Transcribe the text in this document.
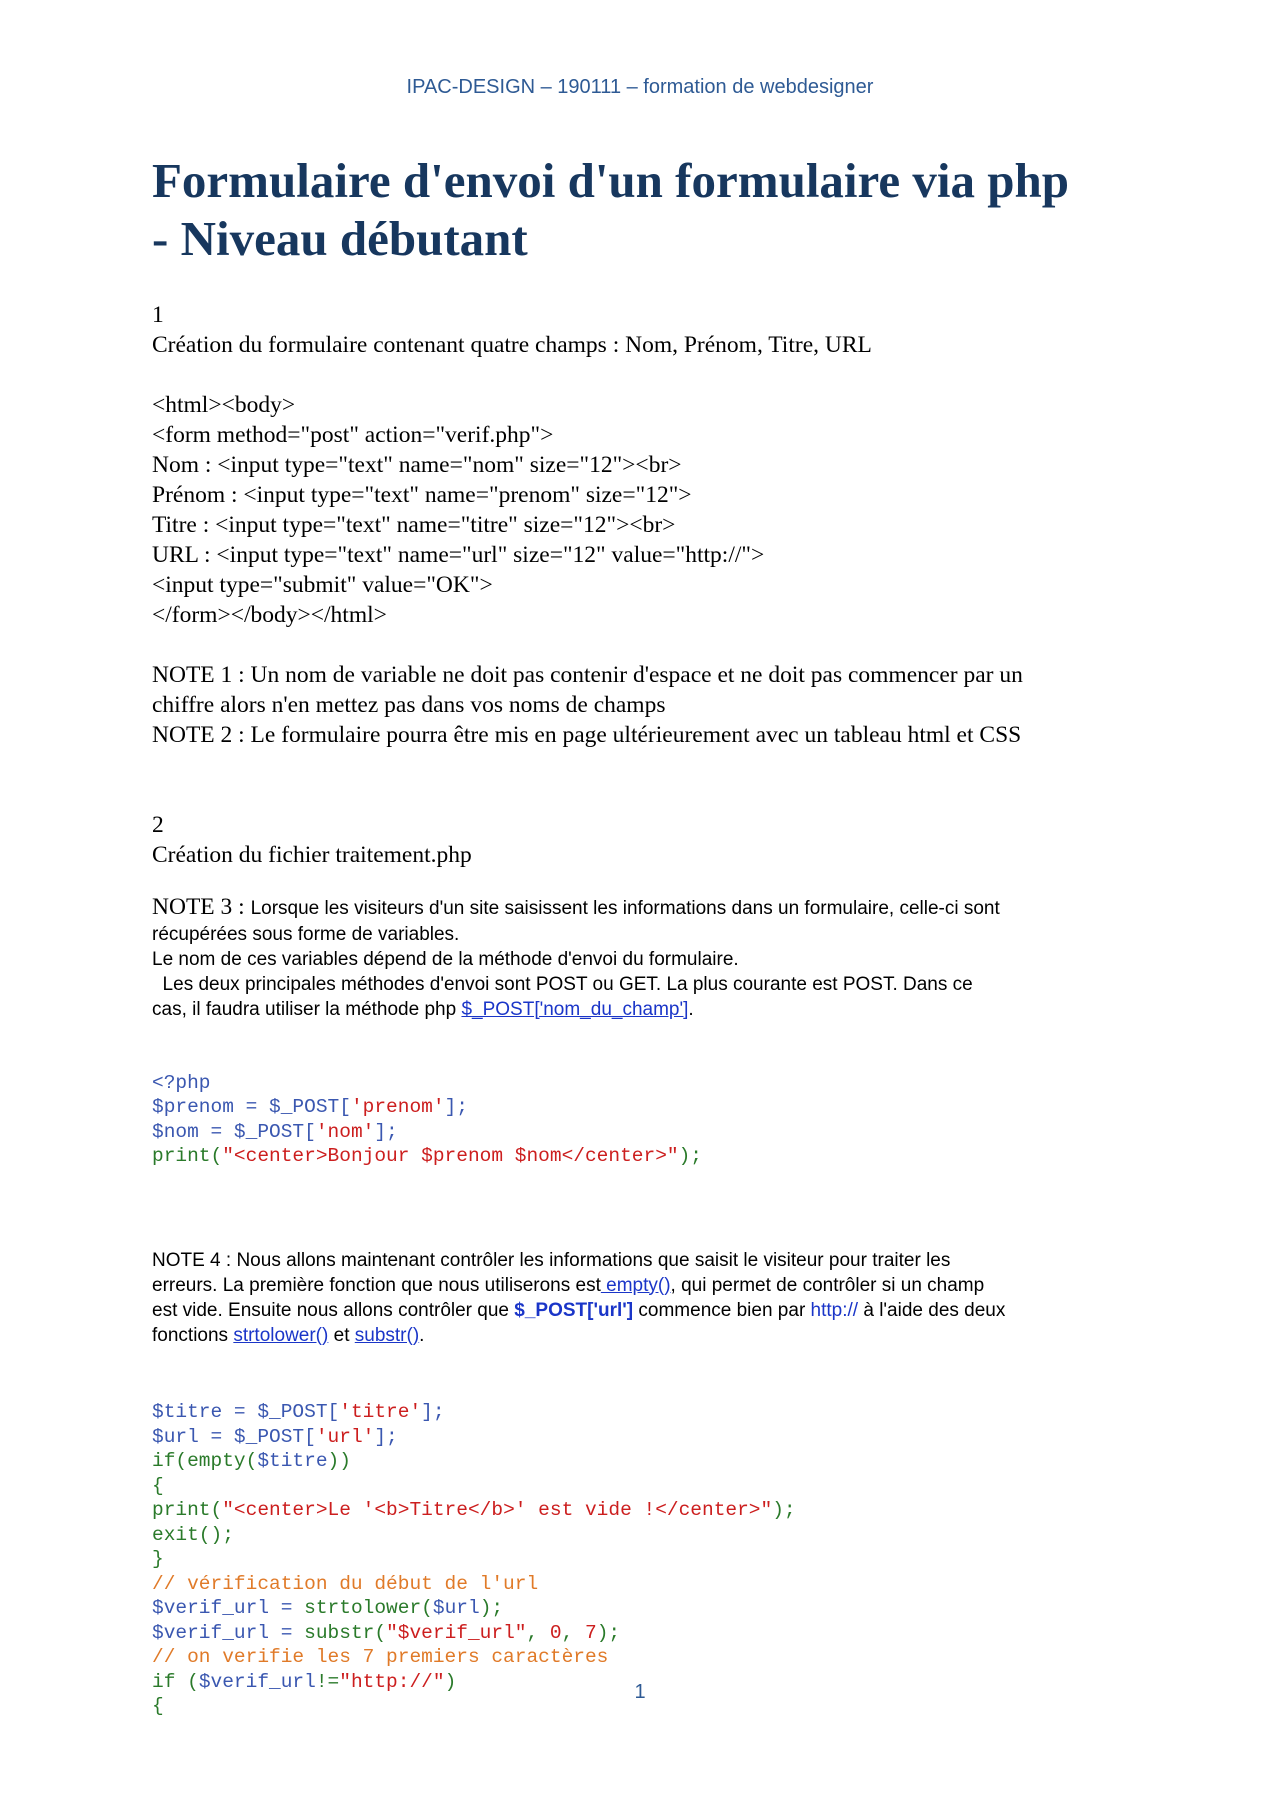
IPAC-DESIGN – 190111 – formation de webdesigner
Formulaire d'envoi d'un formulaire via php
- Niveau débutant
1
Création du formulaire contenant quatre champs : Nom, Prénom, Titre, URL
<html><body>
<form method="post" action="verif.php">
Nom : <input type="text" name="nom" size="12"><br>
Prénom : <input type="text" name="prenom" size="12">
Titre : <input type="text" name="titre" size="12"><br>
URL : <input type="text" name="url" size="12" value="http://">
<input type="submit" value="OK">
</form></body></html>
NOTE 1 : Un nom de variable ne doit pas contenir d'espace et ne doit pas commencer par un
chiffre alors n'en mettez pas dans vos noms de champs
NOTE 2 : Le formulaire pourra être mis en page ultérieurement avec un tableau html et CSS
2
Création du fichier traitement.php
NOTE 3 : Lorsque les visiteurs d'un site saisissent les informations dans un formulaire, celle-ci sont
récupérées sous forme de variables.
Le nom de ces variables dépend de la méthode d'envoi du formulaire.
Les deux principales méthodes d'envoi sont POST ou GET. La plus courante est POST. Dans ce
cas, il faudra utiliser la méthode php $_POST['nom_du_champ'].

<?php
$prenom = $_POST['prenom'];
$nom = $_POST['nom'];
print("<center>Bonjour $prenom $nom</center>");

NOTE 4 : Nous allons maintenant contrôler les informations que saisit le visiteur pour traiter les
erreurs. La première fonction que nous utiliserons est empty(), qui permet de contrôler si un champ
est vide. Ensuite nous allons contrôler que $_POST['url'] commence bien par http:// à l'aide des deux
fonctions strtolower() et substr().

$titre = $_POST['titre'];
$url = $_POST['url'];
if(empty($titre))
{
print("<center>Le '<b>Titre</b>' est vide !</center>");
exit();
}
// vérification du début de l'url
$verif_url = strtolower($url);
$verif_url = substr("$verif_url", 0, 7);
// on verifie les 7 premiers caractères
if ($verif_url!="http://")
{

1
